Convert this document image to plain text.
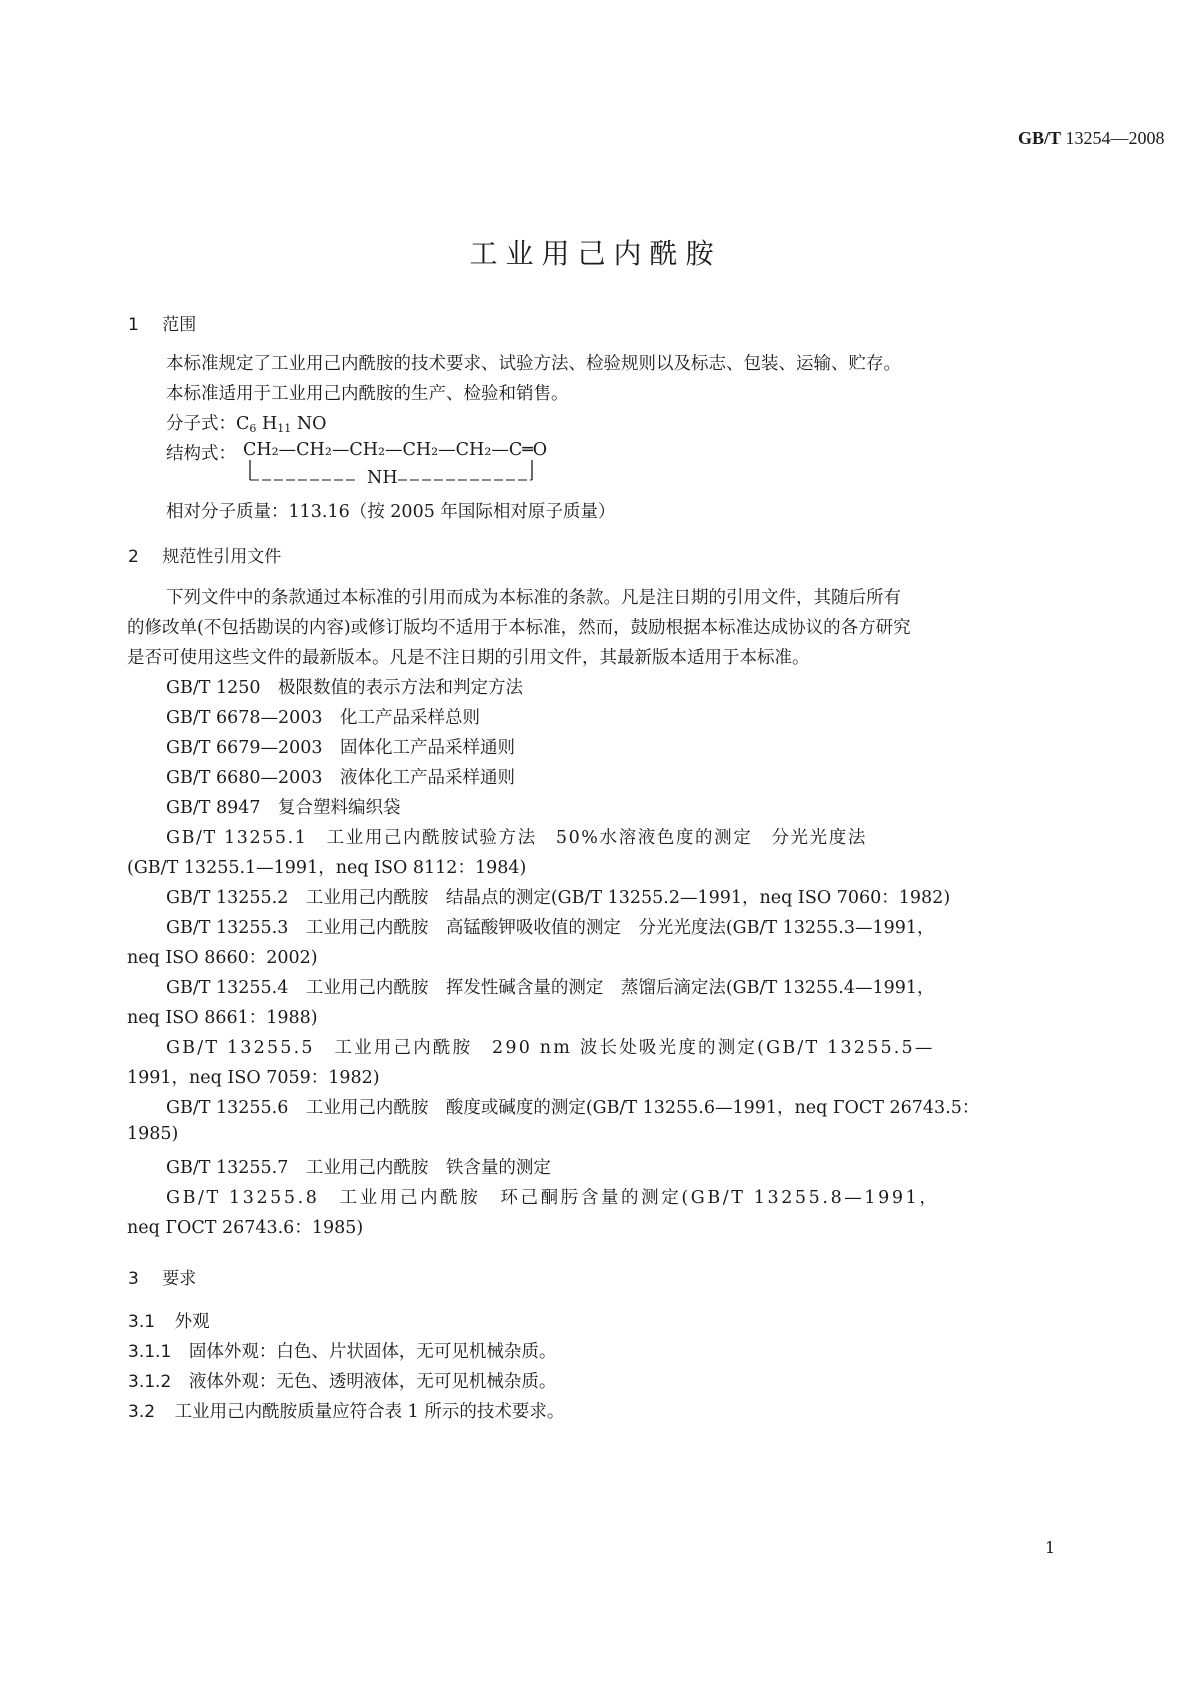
GB/T 13254—2008
工业用己内酰胺
1 范围
本标准规定了工业用己内酰胺的技术要求、试验方法、检验规则以及标志、包装、运输、贮存。
本标准适用于工业用己内酰胺的生产、检验和销售。
分子式：$C_6$ $H_{11}$ NO
结构式： CH₂—CH₂—CH₂—CH₂—CH₂—C═O
NH
相对分子质量：113.16（按 2005 年国际相对原子质量）
2 规范性引用文件
下列文件中的条款通过本标准的引用而成为本标准的条款。凡是注日期的引用文件，其随后所有
的修改单(不包括勘误的内容)或修订版均不适用于本标准，然而，鼓励根据本标准达成协议的各方研究
是否可使用这些文件的最新版本。凡是不注日期的引用文件，其最新版本适用于本标准。
GB/T 1250　极限数值的表示方法和判定方法
GB/T 6678—2003　化工产品采样总则
GB/T 6679—2003　固体化工产品采样通则
GB/T 6680—2003　液体化工产品采样通则
GB/T 8947　复合塑料编织袋
GB/T 13255.1　工业用己内酰胺试验方法　50%水溶液色度的测定　分光光度法
(GB/T 13255.1—1991，neq ISO 8112：1984)
GB/T 13255.2　工业用己内酰胺　结晶点的测定(GB/T 13255.2—1991，neq ISO 7060：1982)
GB/T 13255.3　工业用己内酰胺　高锰酸钾吸收值的测定　分光光度法(GB/T 13255.3—1991，
neq ISO 8660：2002)
GB/T 13255.4　工业用己内酰胺　挥发性碱含量的测定　蒸馏后滴定法(GB/T 13255.4—1991，
neq ISO 8661：1988)
GB/T 13255.5　工业用己内酰胺　290 nm 波长处吸光度的测定(GB/T 13255.5—
1991，neq ISO 7059：1982)
GB/T 13255.6　工业用己内酰胺　酸度或碱度的测定(GB/T 13255.6—1991，neq ГOCT 26743.5：
1985)
GB/T 13255.7　工业用己内酰胺　铁含量的测定
GB/T 13255.8　工业用己内酰胺　环己酮肟含量的测定(GB/T 13255.8—1991，
neq ГOCT 26743.6：1985)
3 要求
3.1 外观
3.1.1 固体外观：白色、片状固体，无可见机械杂质。
3.1.2 液体外观：无色、透明液体，无可见机械杂质。
3.2 工业用己内酰胺质量应符合表 1 所示的技术要求。
1
